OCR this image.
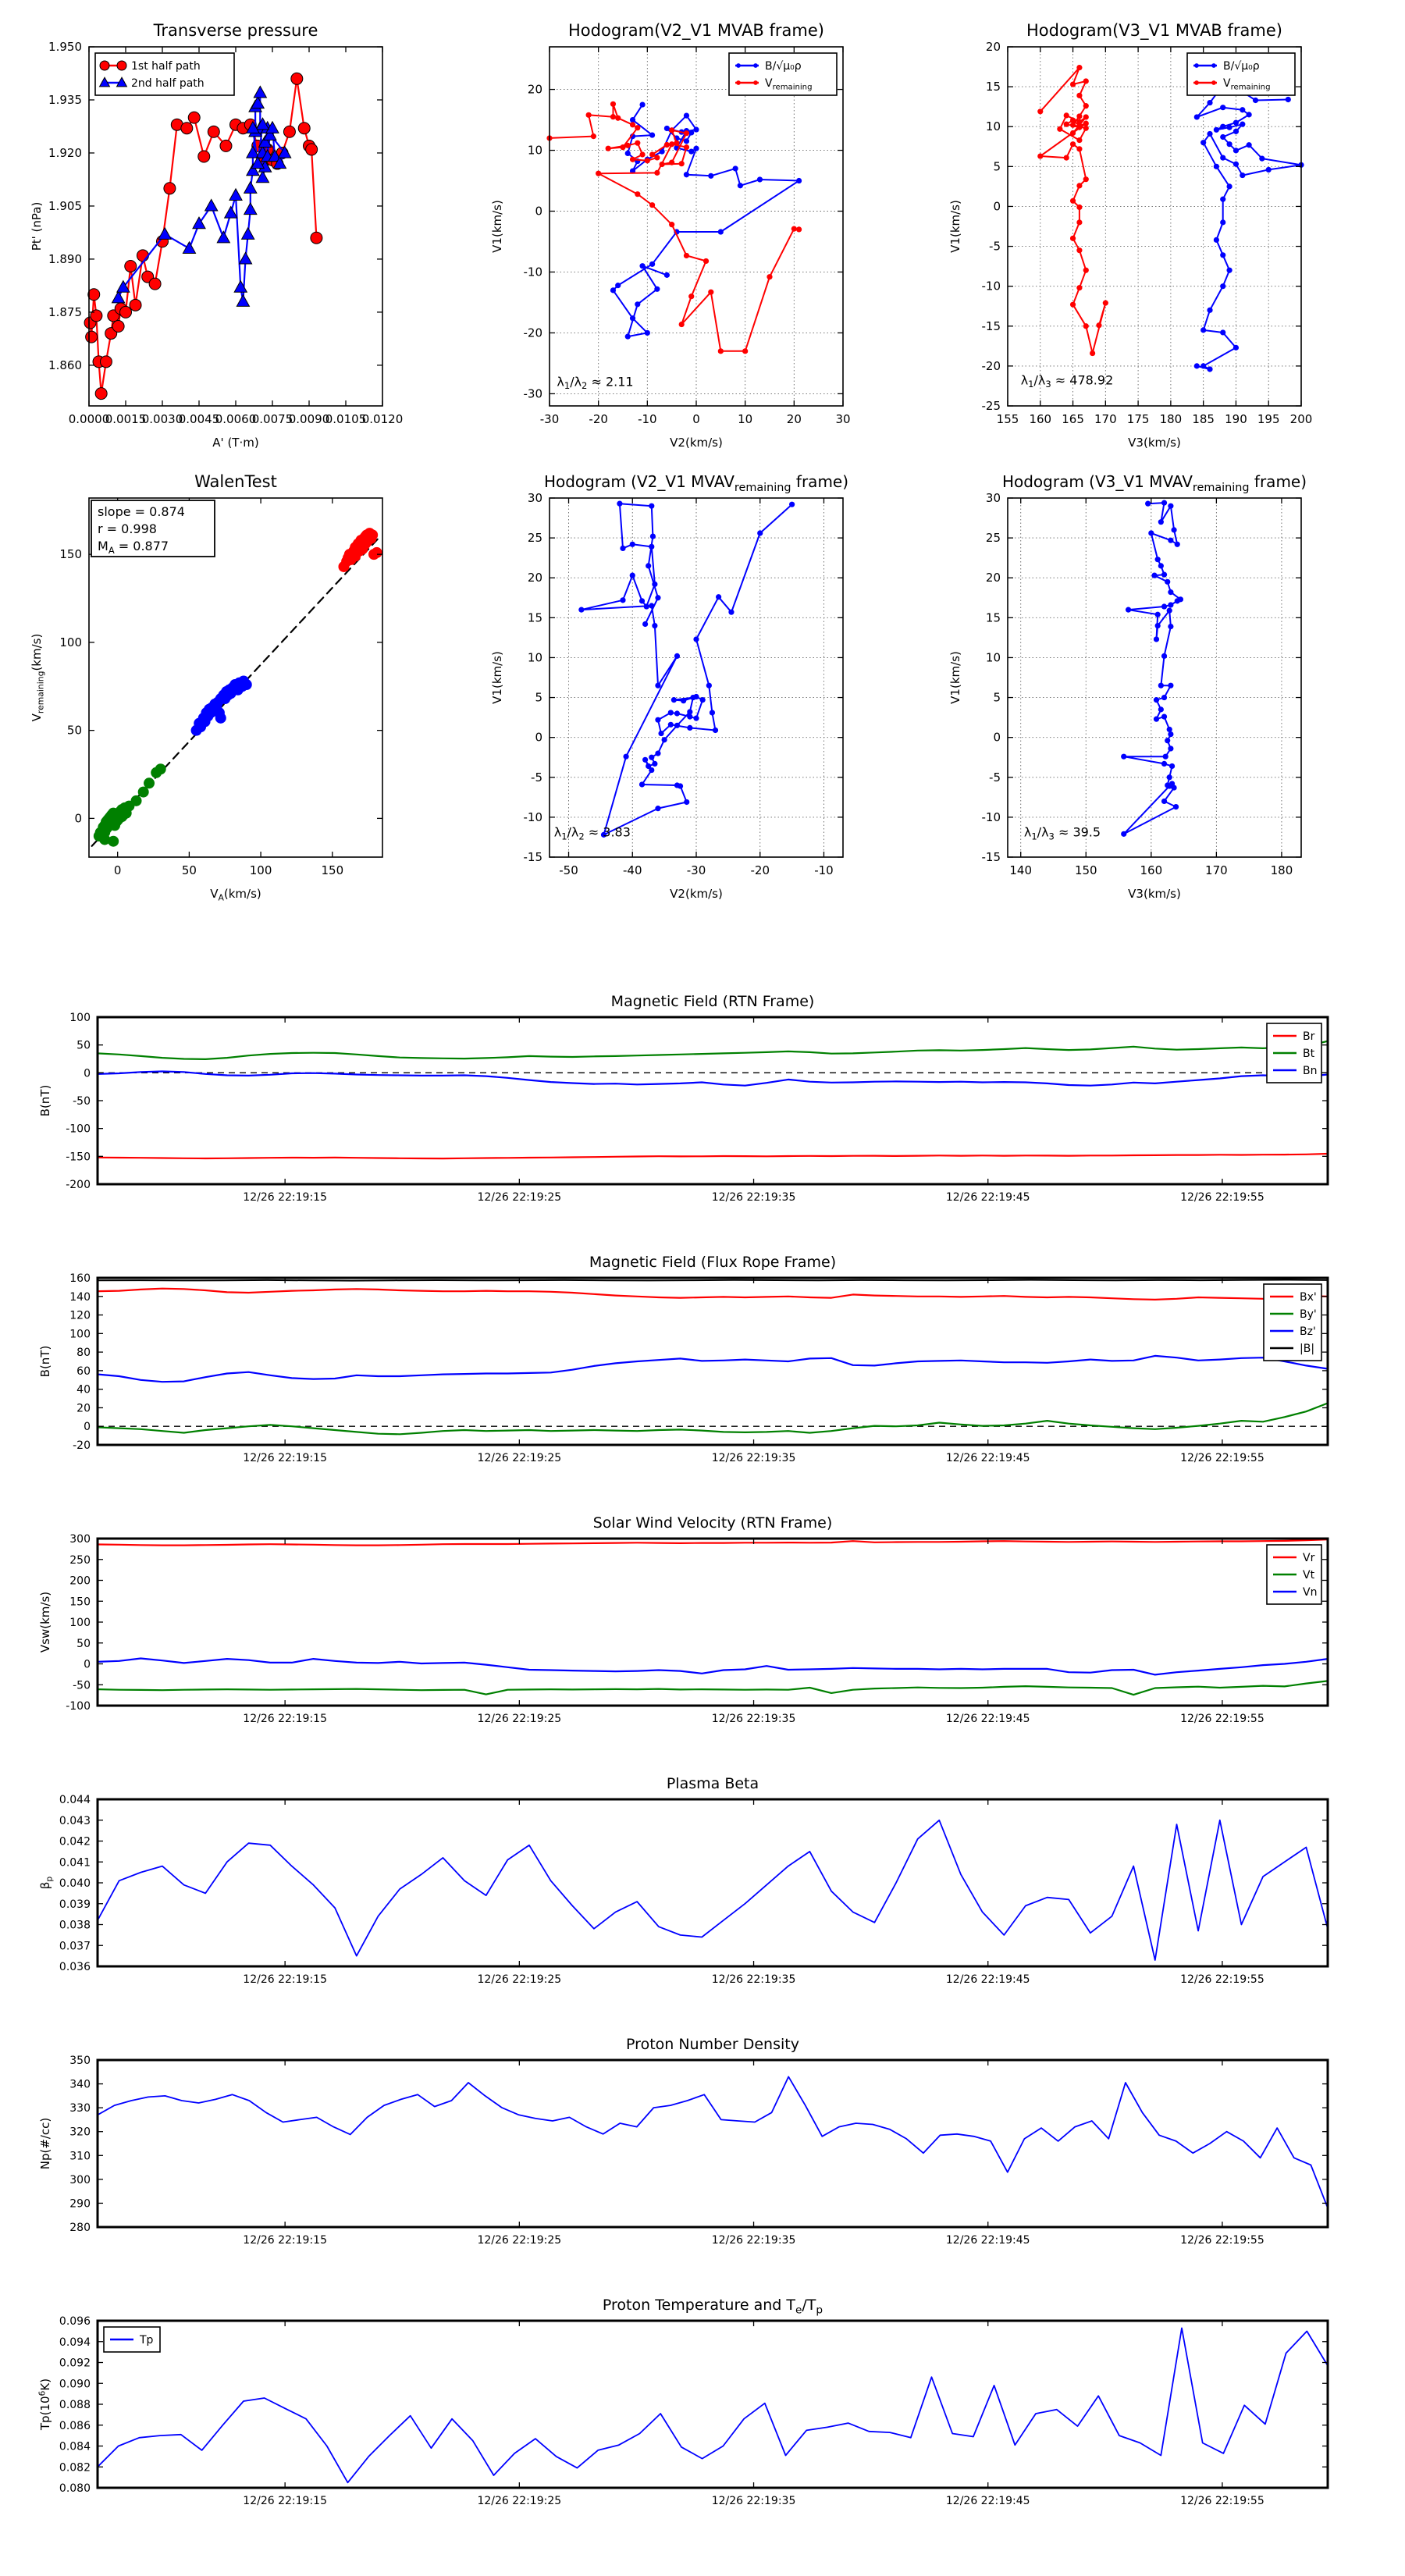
0.0000
0.0015
0.0030
0.0045
0.0060
0.0075
0.0090
0.0105
0.0120
1.860
1.875
1.890
1.905
1.920
1.935
1.950
Transverse pressure
A' (T·m)
Pt' (nPa)
1st half path
2nd half path
-30	-20	-10	0	10	20	30
-30
-20
-10
0
10
20
Hodogram(V2_V1 MVAB frame)
V2(km/s)
V1(km/s)
B/√μ₀ρ
$V_{remaining}$
$\lambda_1/\lambda_2 \approx 2.11$
155 160 165 170 175 180 185 190 195 200
-25
-20
-15
-10
-5
0
5
10
15
20
Hodogram(V3_V1 MVAB frame)
V3(km/s)
V1(km/s)
B/√μ₀ρ
$V_{remaining}$
$\lambda_1/\lambda_3 \approx 478.92$
0	50	100	150
0
50
100
150
WalenTest
$V_A(km/s)$
$V_{remaining}(km/s)$
slope = 0.874
r = 0.998
$M_A = 0.877$
-50	-40	-30	-20	-10
-15
-10
-5
0
5
10
15
20
25
30
Hodogram (V2_V1 MVAVremaining frame)
V2(km/s)
V1(km/s)
$\lambda_1/\lambda_2 \approx 3.83$
140	150	160	170	180
-15
-10
-5
0
5
10
15
20
25
30
Hodogram (V3_V1 MVAVremaining frame)
V3(km/s)
V1(km/s)
$\lambda_1/\lambda_3 \approx 39.5$
12/26 22:19:15	12/26 22:19:25	12/26 22:19:35	12/26 22:19:45	12/26 22:19:55
-200
-150
-100
-50
0
50
100
Magnetic Field (RTN Frame)
B(nT)
Br
Bt
Bn
12/26 22:19:15	12/26 22:19:25	12/26 22:19:35	12/26 22:19:45	12/26 22:19:55
-20
0
20
40
60
80
100
120
140
160
Magnetic Field (Flux Rope Frame)
B(nT)
Bx'
By'
Bz'
|B|
12/26 22:19:15	12/26 22:19:25	12/26 22:19:35	12/26 22:19:45	12/26 22:19:55
-100
-50
0
50
100
150
200
250
300
Solar Wind Velocity (RTN Frame)
Vsw(km/s)
Vr
Vt
Vn
12/26 22:19:15	12/26 22:19:25	12/26 22:19:35	12/26 22:19:45	12/26 22:19:55
0.036
0.037
0.038
0.039
0.040
0.041
0.042
0.043
0.044
Plasma Beta
$\beta_p$
12/26 22:19:15	12/26 22:19:25	12/26 22:19:35	12/26 22:19:45	12/26 22:19:55
280
290
300
310
320
330
340
350
Proton Number Density
Np(#/cc)
12/26 22:19:15	12/26 22:19:25	12/26 22:19:35	12/26 22:19:45	12/26 22:19:55
0.080
0.082
0.084
0.086
0.088
0.090
0.092
0.094
0.096
Proton Temperature and Te/Tp
$Tp(10^6K)$
Tp
